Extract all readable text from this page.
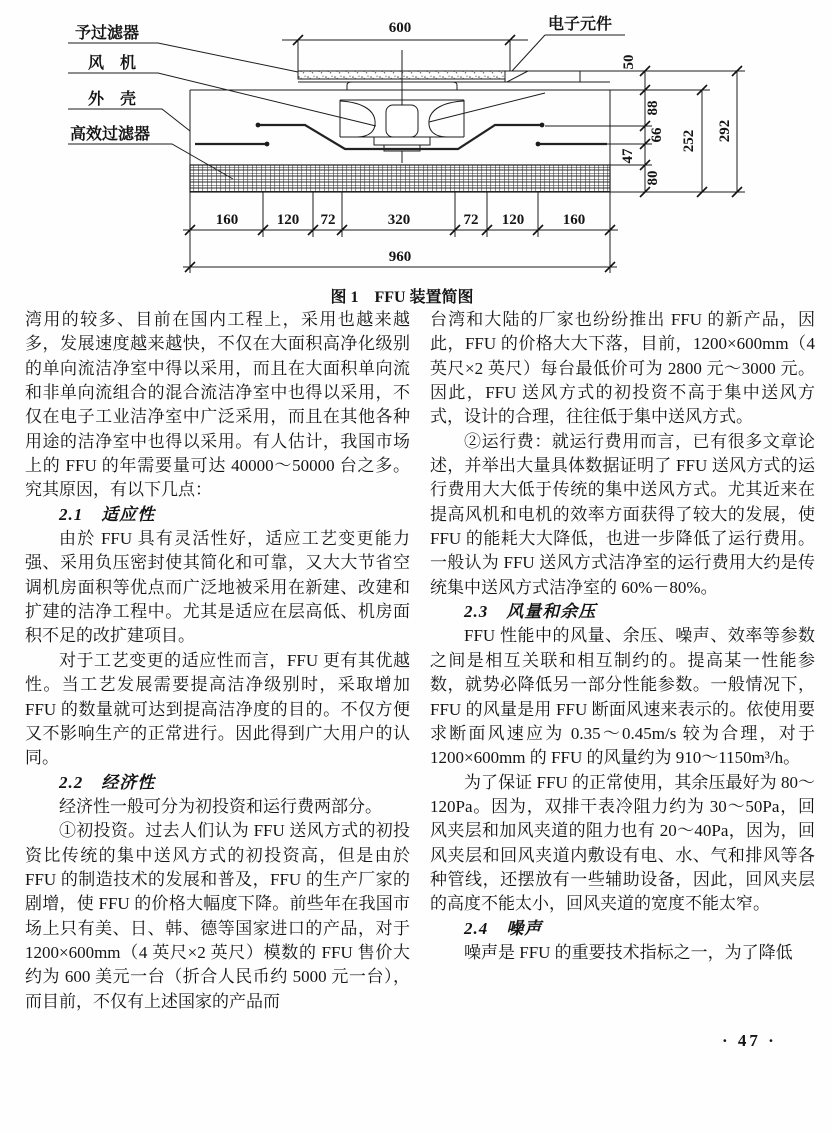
予过滤器
风　机
外　壳
高效过滤器
电子元件
600
50
88
66
47
80
252 292
160	120 72	320	72 120	160
960
图 1　FFU 装置简图

湾用的较多、目前在国内工程上，采用也越来越多，发展速度越来越快，不仅在大面积高净化级别的单向流洁净室中得以采用，而且在大面积单向流和非单向流组合的混合流洁净室中也得以采用，不仅在电子工业洁净室中广泛采用，而且在其他各种用途的洁净室中也得以采用。有人估计，我国市场上的 FFU 的年需要量可达 40000～50000 台之多。究其原因，有以下几点：

2.1　适应性

由於 FFU 具有灵活性好，适应工艺变更能力强、采用负压密封使其简化和可靠，又大大节省空调机房面积等优点而广泛地被采用在新建、改建和扩建的洁净工程中。尤其是适应在层高低、机房面积不足的改扩建项目。

对于工艺变更的适应性而言，FFU 更有其优越性。当工艺发展需要提高洁净级别时，采取增加 FFU 的数量就可达到提高洁净度的目的。不仅方便又不影响生产的正常进行。因此得到广大用户的认同。

2.2　经济性

经济性一般可分为初投资和运行费两部分。

①初投资。过去人们认为 FFU 送风方式的初投资比传统的集中送风方式的初投资高，但是由於 FFU 的制造技术的发展和普及，FFU 的生产厂家的剧增，使 FFU 的价格大幅度下降。前些年在我国市场上只有美、日、韩、德等国家进口的产品，对于 1200×600mm（4 英尺×2 英尺）模数的 FFU 售价大约为 600 美元一台（折合人民币约 5000 元一台），而目前，不仅有上述国家的产品而

台湾和大陆的厂家也纷纷推出 FFU 的新产品，因此，FFU 的价格大大下落，目前，1200×600mm（4 英尺×2 英尺）每台最低价可为 2800 元～3000 元。因此，FFU 送风方式的初投资不高于集中送风方式，设计的合理，往往低于集中送风方式。

②运行费：就运行费用而言，已有很多文章论述，并举出大量具体数据证明了 FFU 送风方式的运行费用大大低于传统的集中送风方式。尤其近来在提高风机和电机的效率方面获得了较大的发展，使 FFU 的能耗大大降低，也进一步降低了运行费用。一般认为 FFU 送风方式洁净室的运行费用大约是传统集中送风方式洁净室的 60%－80%。

2.3　风量和余压

FFU 性能中的风量、余压、噪声、效率等参数之间是相互关联和相互制约的。提高某一性能参数，就势必降低另一部分性能参数。一般情况下，FFU 的风量是用 FFU 断面风速来表示的。依使用要求断面风速应为 0.35～0.45m/s 较为合理，对于 1200×600mm 的 FFU 的风量约为 910～1150m³/h。

为了保证 FFU 的正常使用，其余压最好为 80～120Pa。因为，双排干表冷阻力约为 30～50Pa，回风夹层和加风夹道的阻力也有 20～40Pa，因为，回风夹层和回风夹道内敷设有电、水、气和排风等各种管线，还摆放有一些辅助设备，因此，回风夹层的高度不能太小，回风夹道的宽度不能太窄。

2.4　噪声

噪声是 FFU 的重要技术指标之一，为了降低

· 47 ·
